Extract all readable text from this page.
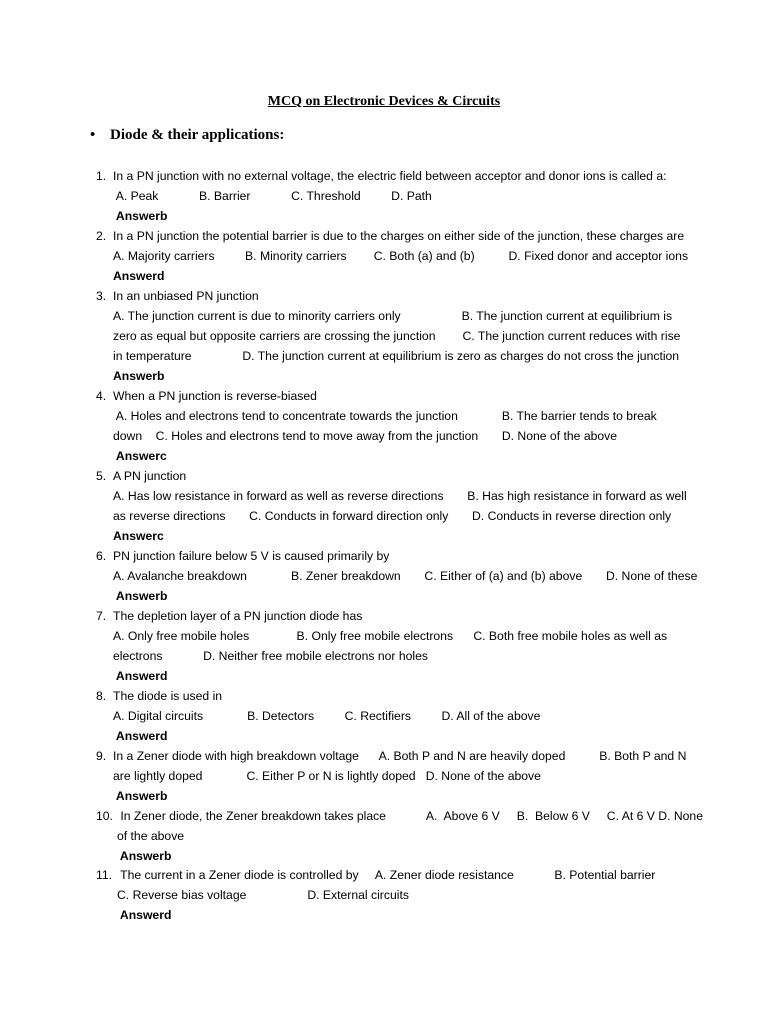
MCQ on Electronic Devices & Circuits
• Diode & their applications:
1. In a PN junction with no external voltage, the electric field between acceptor and donor ions is called a:
A. Peak            B. Barrier            C. Threshold         D. Path
Answerb
2. In a PN junction the potential barrier is due to the charges on either side of the junction, these charges are
A. Majority carriers         B. Minority carriers        C. Both (a) and (b)          D. Fixed donor and acceptor ions
Answerd
3. In an unbiased PN junction
A. The junction current is due to minority carriers only                  B. The junction current at equilibrium is
zero as equal but opposite carriers are crossing the junction        C. The junction current reduces with rise
in temperature               D. The junction current at equilibrium is zero as charges do not cross the junction
Answerb
4. When a PN junction is reverse-biased
A. Holes and electrons tend to concentrate towards the junction             B. The barrier tends to break
down    C. Holes and electrons tend to move away from the junction       D. None of the above
Answerc
5. A PN junction
A. Has low resistance in forward as well as reverse directions       B. Has high resistance in forward as well
as reverse directions       C. Conducts in forward direction only       D. Conducts in reverse direction only
Answerc
6. PN junction failure below 5 V is caused primarily by
A. Avalanche breakdown             B. Zener breakdown       C. Either of (a) and (b) above       D. None of these
Answerb
7. The depletion layer of a PN junction diode has
A. Only free mobile holes              B. Only free mobile electrons      C. Both free mobile holes as well as
electrons            D. Neither free mobile electrons nor holes
Answerd
8. The diode is used in
A. Digital circuits             B. Detectors         C. Rectifiers         D. All of the above
Answerd
9. In a Zener diode with high breakdown voltage      A. Both P and N are heavily doped          B. Both P and N
are lightly doped             C. Either P or N is lightly doped   D. None of the above
Answerb
10. In Zener diode, the Zener breakdown takes place            A.  Above 6 V     B.  Below 6 V     C. At 6 V D. None
of the above
Answerb
11. The current in a Zener diode is controlled by     A. Zener diode resistance            B. Potential barrier
C. Reverse bias voltage                  D. External circuits
Answerd
